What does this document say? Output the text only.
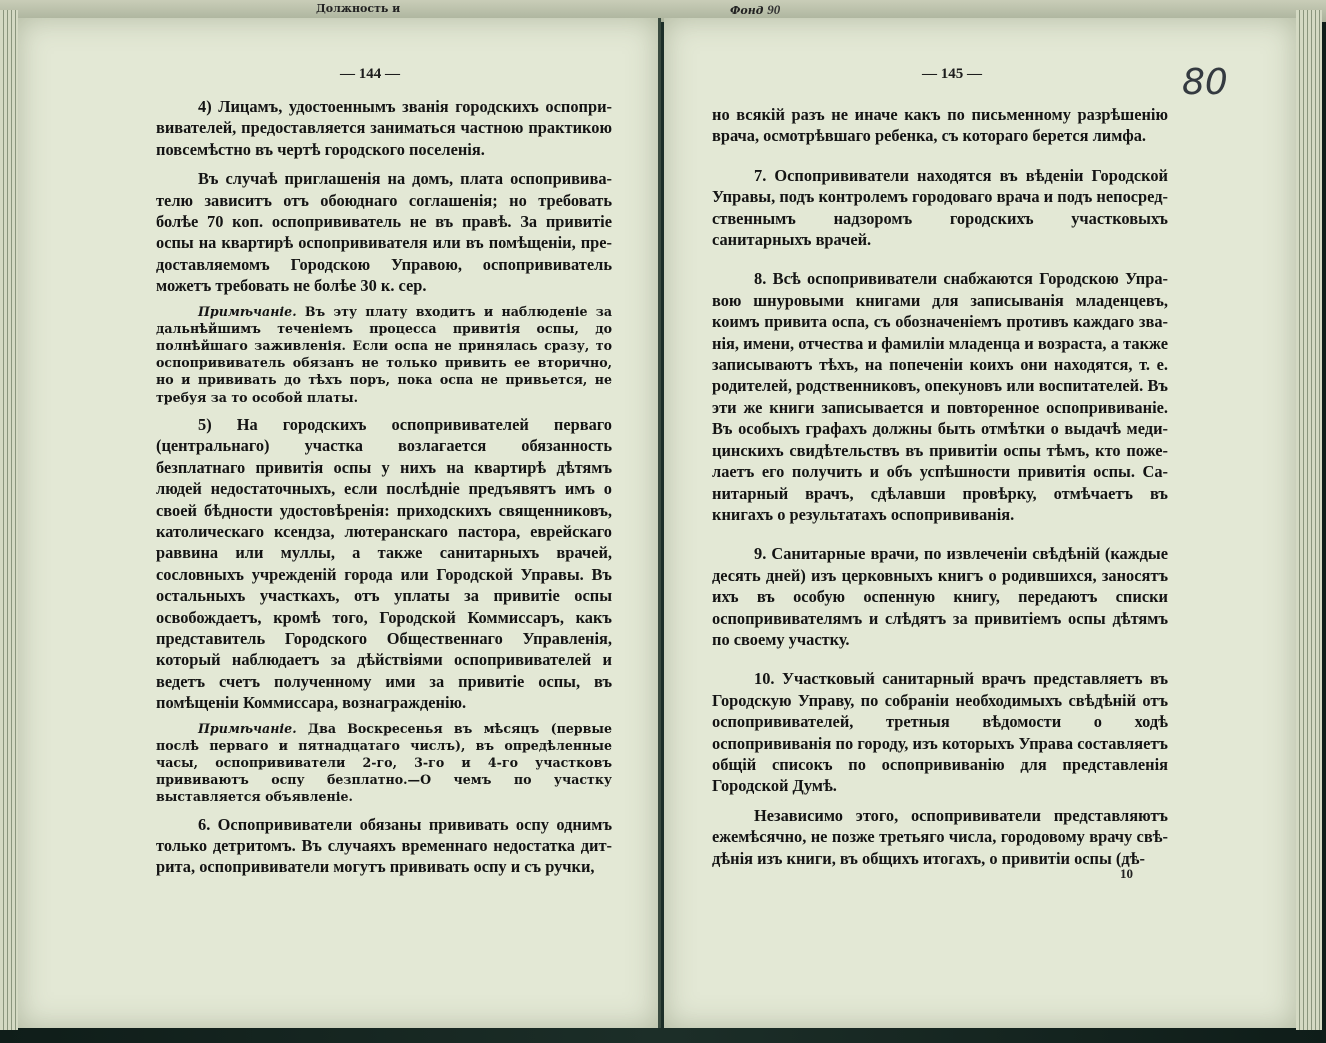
Должность и	Фонд 90
— 144 —	— 145 —	80

4) Лицамъ, удостоеннымъ званія городскихъ оспопрививателей, предоставляется заниматься частною практикою повсемѣстно въ чертѣ городского поселенія.

Въ случаѣ приглашенія на домъ, плата оспопрививателю зависитъ отъ обоюднаго соглашенія; но требовать болѣе 70 коп. оспопрививатель не въ правѣ. За привитіе оспы на квартирѣ оспопрививателя или въ помѣщеніи, предоставляемомъ Городскою Управою, оспопрививатель можетъ требовать не болѣе 30 к. сер.

Примѣчаніе. Въ эту плату входитъ и наблюденіе за дальнѣйшимъ теченіемъ процесса привитія оспы, до полнѣйшаго заживленія. Если оспа не принялась сразу, то оспопрививатель обязанъ не только привить ее вторично, но и прививать до тѣхъ поръ, пока оспа не привьется, не требуя за то особой платы.

5) На городскихъ оспопрививателей перваго (центральнаго) участка возлагается обязанность безплатнаго привитія оспы у нихъ на квартирѣ дѣтямъ людей недостаточныхъ, если послѣдніе предъявятъ имъ о своей бѣдности удостовѣренія: приходскихъ священниковъ, католическаго ксендза, лютеранскаго пастора, еврейскаго раввина или муллы, а также санитарныхъ врачей, сословныхъ учрежденій города или Городской Управы. Въ остальныхъ участкахъ, отъ уплаты за привитіе оспы освобождаетъ, кромѣ того, Городской Коммиссаръ, какъ представитель Городского Общественнаго Управленія, который наблюдаетъ за дѣйствіями оспопрививателей и ведетъ счетъ полученному ими за привитіе оспы, въ помѣщеніи Коммиссара, вознагражденію.

Примѣчаніе. Два Воскресенья въ мѣсяцъ (первые послѣ перваго и пятнадцатаго числъ), въ опредѣленные часы, оспопрививатели 2-го, 3-го и 4-го участковъ прививаютъ оспу безплатно.—О чемъ по участку выставляется объявленіе.

6. Оспопрививатели обязаны прививать оспу однимъ только детритомъ. Въ случаяхъ временнаго недостатка дитрита, оспопрививатели могутъ прививать оспу и съ ручки,

но всякій разъ не иначе какъ по письменному разрѣшенію врача, осмотрѣвшаго ребенка, съ котораго берется лимфа.

7. Оспопрививатели находятся въ вѣденіи Городской Управы, подъ контролемъ городоваго врача и подъ непосредственнымъ надзоромъ городскихъ участковыхъ санитарныхъ врачей.

8. Всѣ оспопрививатели снабжаются Городскою Управою шнуровыми книгами для записыванія младенцевъ, коимъ привита оспа, съ обозначеніемъ противъ каждаго званія, имени, отчества и фамиліи младенца и возраста, а также записываютъ тѣхъ, на попеченіи коихъ они находятся, т. е. родителей, родственниковъ, опекуновъ или воспитателей. Въ эти же книги записывается и повторенное оспопрививаніе. Въ особыхъ графахъ должны быть отмѣтки о выдачѣ медицинскихъ свидѣтельствъ въ привитіи оспы тѣмъ, кто пожелаетъ его получить и объ успѣшности привитія оспы. Санитарный врачъ, сдѣлавши провѣрку, отмѣчаетъ въ книгахъ о результатахъ оспопрививанія.

9. Санитарные врачи, по извлеченіи свѣдѣній (каждые десять дней) изъ церковныхъ книгъ о родившихся, заносятъ ихъ въ особую оспенную книгу, передаютъ списки оспопрививателямъ и слѣдятъ за привитіемъ оспы дѣтямъ по своему участку.

10. Участковый санитарный врачъ представляетъ въ Городскую Управу, по собраніи необходимыхъ свѣдѣній отъ оспопрививателей, третныя вѣдомости о ходѣ оспопрививанія по городу, изъ которыхъ Управа составляетъ общій списокъ по оспопрививанію для представленія Городской Думѣ.

Независимо этого, оспопрививатели представляютъ ежемѣсячно, не позже третьяго числа, городовому врачу свѣдѣнія изъ книги, въ общихъ итогахъ, о привитіи оспы (дѣ-

10
